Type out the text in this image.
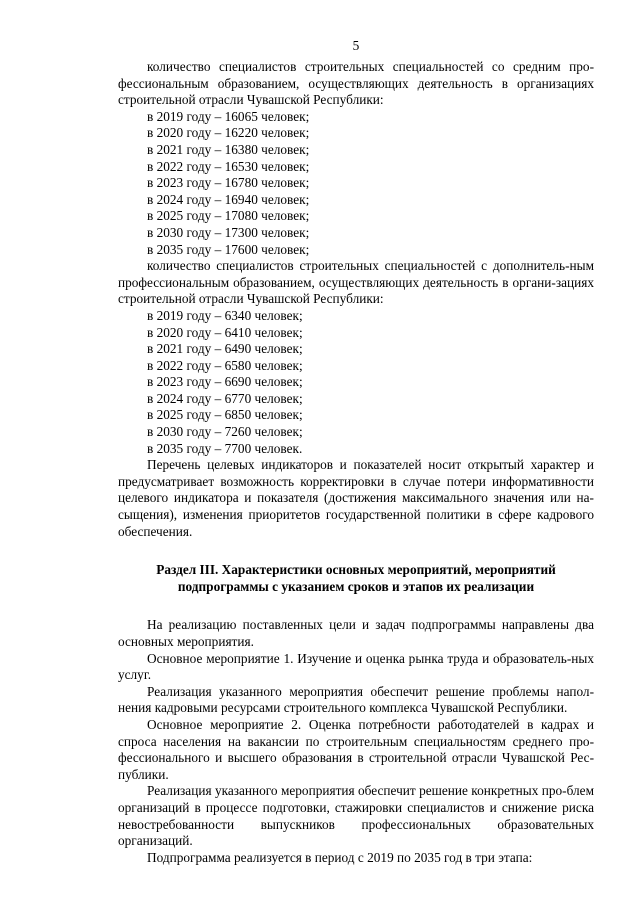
5

количество специалистов строительных специальностей со средним про-фессиональным образованием, осуществляющих деятельность в организациях строительной отрасли Чувашской Республики:

в 2019 году – 16065 человек;

в 2020 году – 16220 человек;

в 2021 году – 16380 человек;

в 2022 году – 16530 человек;

в 2023 году – 16780 человек;

в 2024 году – 16940 человек;

в 2025 году – 17080 человек;

в 2030 году – 17300 человек;

в 2035 году – 17600 человек;

количество специалистов строительных специальностей с дополнитель-ным профессиональным образованием, осуществляющих деятельность в органи-зациях строительной отрасли Чувашской Республики:

в 2019 году – 6340 человек;

в 2020 году – 6410 человек;

в 2021 году – 6490 человек;

в 2022 году – 6580 человек;

в 2023 году – 6690 человек;

в 2024 году – 6770 человек;

в 2025 году – 6850 человек;

в 2030 году – 7260 человек;

в 2035 году – 7700 человек.

Перечень целевых индикаторов и показателей носит открытый характер и предусматривает возможность корректировки в случае потери информативности целевого индикатора и показателя (достижения максимального значения или на-сыщения), изменения приоритетов государственной политики в сфере кадрового обеспечения.

Раздел III. Характеристики основных мероприятий, мероприятий
подпрограммы с указанием сроков и этапов их реализации

На реализацию поставленных цели и задач подпрограммы направлены два основных мероприятия.

Основное мероприятие 1. Изучение и оценка рынка труда и образователь-ных услуг.

Реализация указанного мероприятия обеспечит решение проблемы напол-нения кадровыми ресурсами строительного комплекса Чувашской Республики.

Основное мероприятие 2. Оценка потребности работодателей в кадрах и спроса населения на вакансии по строительным специальностям среднего про-фессионального и высшего образования в строительной отрасли Чувашской Рес-публики.

Реализация указанного мероприятия обеспечит решение конкретных про-блем организаций в процессе подготовки, стажировки специалистов и снижение риска невостребованности выпускников профессиональных образовательных организаций.

Подпрограмма реализуется в период с 2019 по 2035 год в три этапа:
